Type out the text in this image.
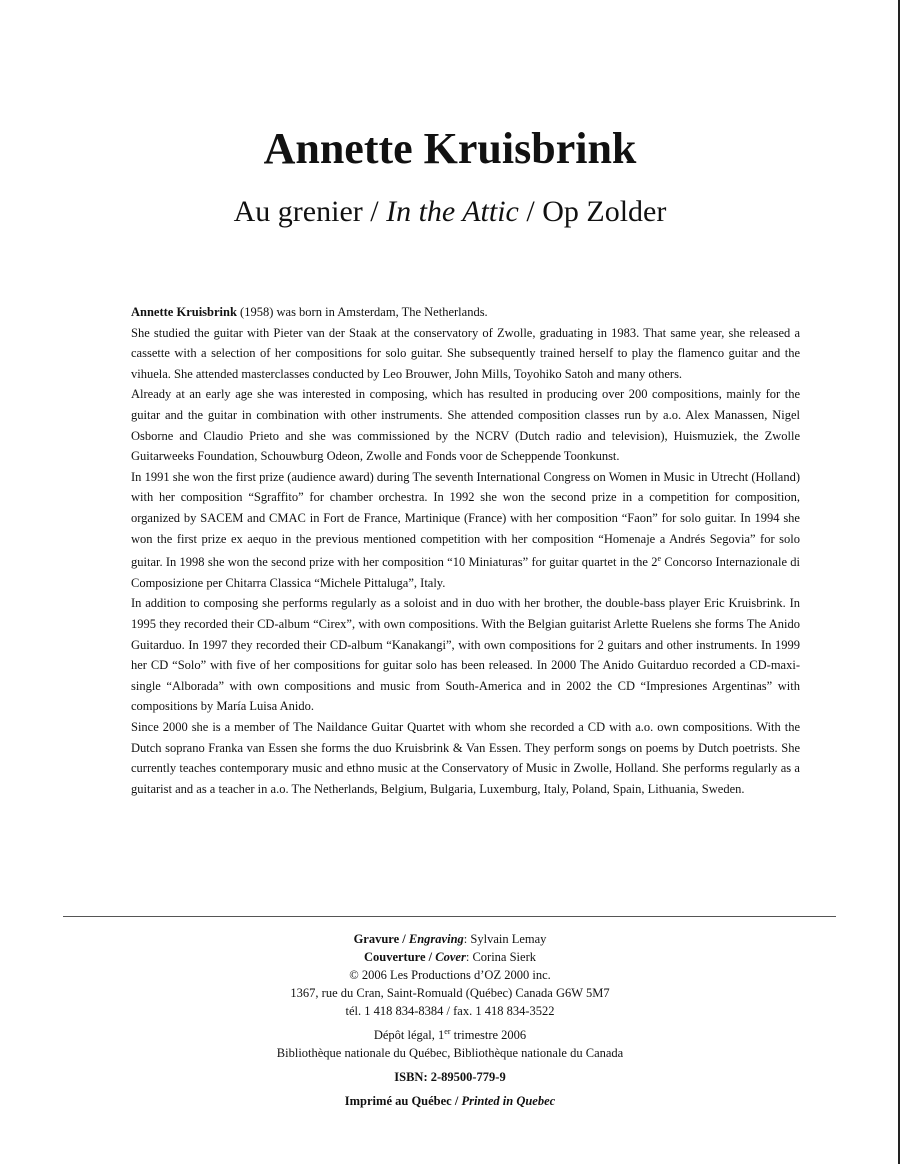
Annette Kruisbrink
Au grenier / In the Attic / Op Zolder

Annette Kruisbrink (1958) was born in Amsterdam, The Netherlands.

She studied the guitar with Pieter van der Staak at the conservatory of Zwolle, graduating in 1983. That same year, she released a cassette with a selection of her compositions for solo guitar. She subsequently trained herself to play the flamenco guitar and the vihuela. She attended masterclasses conducted by Leo Brouwer, John Mills, Toyohiko Satoh and many others.

Already at an early age she was interested in composing, which has resulted in producing over 200 compositions, mainly for the guitar and the guitar in combination with other instruments. She attended composition classes run by a.o. Alex Manassen, Nigel Osborne and Claudio Prieto and she was commissioned by the NCRV (Dutch radio and television), Huismuziek, the Zwolle Guitarweeks Foundation, Schouwburg Odeon, Zwolle and Fonds voor de Scheppende Toonkunst.

In 1991 she won the first prize (audience award) during The seventh International Congress on Women in Music in Utrecht (Holland) with her composition “Sgraffito” for chamber orchestra. In 1992 she won the second prize in a competition for composition, organized by SACEM and CMAC in Fort de France, Martinique (France) with her composition “Faon” for solo guitar. In 1994 she won the first prize ex aequo in the previous mentioned competition with her composition “Homenaje a Andrés Segovia” for solo guitar. In 1998 she won the second prize with her composition “10 Miniaturas” for guitar quartet in the 2e Concorso Internazionale di Composizione per Chitarra Classica “Michele Pittaluga”, Italy.

In addition to composing she performs regularly as a soloist and in duo with her brother, the double-bass player Eric Kruisbrink. In 1995 they recorded their CD-album “Cirex”, with own compositions. With the Belgian guitarist Arlette Ruelens she forms The Anido Guitarduo. In 1997 they recorded their CD-album “Kanakangi”, with own compositions for 2 guitars and other instruments. In 1999 her CD “Solo” with five of her compositions for guitar solo has been released. In 2000 The Anido Guitarduo recorded a CD-maxi-single “Alborada” with own compositions and music from South-America and in 2002 the CD “Impresiones Argentinas” with compositions by María Luisa Anido.

Since 2000 she is a member of The Naildance Guitar Quartet with whom she recorded a CD with a.o. own compositions. With the Dutch soprano Franka van Essen she forms the duo Kruisbrink & Van Essen. They perform songs on poems by Dutch poetrists. She currently teaches contemporary music and ethno music at the Conservatory of Music in Zwolle, Holland. She performs regularly as a guitarist and as a teacher in a.o. The Netherlands, Belgium, Bulgaria, Luxemburg, Italy, Poland, Spain, Lithuania, Sweden.

Gravure / Engraving: Sylvain Lemay
Couverture / Cover: Corina Sierk
© 2006 Les Productions d’OZ 2000 inc.
1367, rue du Cran, Saint-Romuald (Québec) Canada G6W 5M7
tél. 1 418 834-8384 / fax. 1 418 834-3522
Dépôt légal, 1er trimestre 2006
Bibliothèque nationale du Québec, Bibliothèque nationale du Canada
ISBN: 2-89500-779-9
Imprimé au Québec / Printed in Quebec
